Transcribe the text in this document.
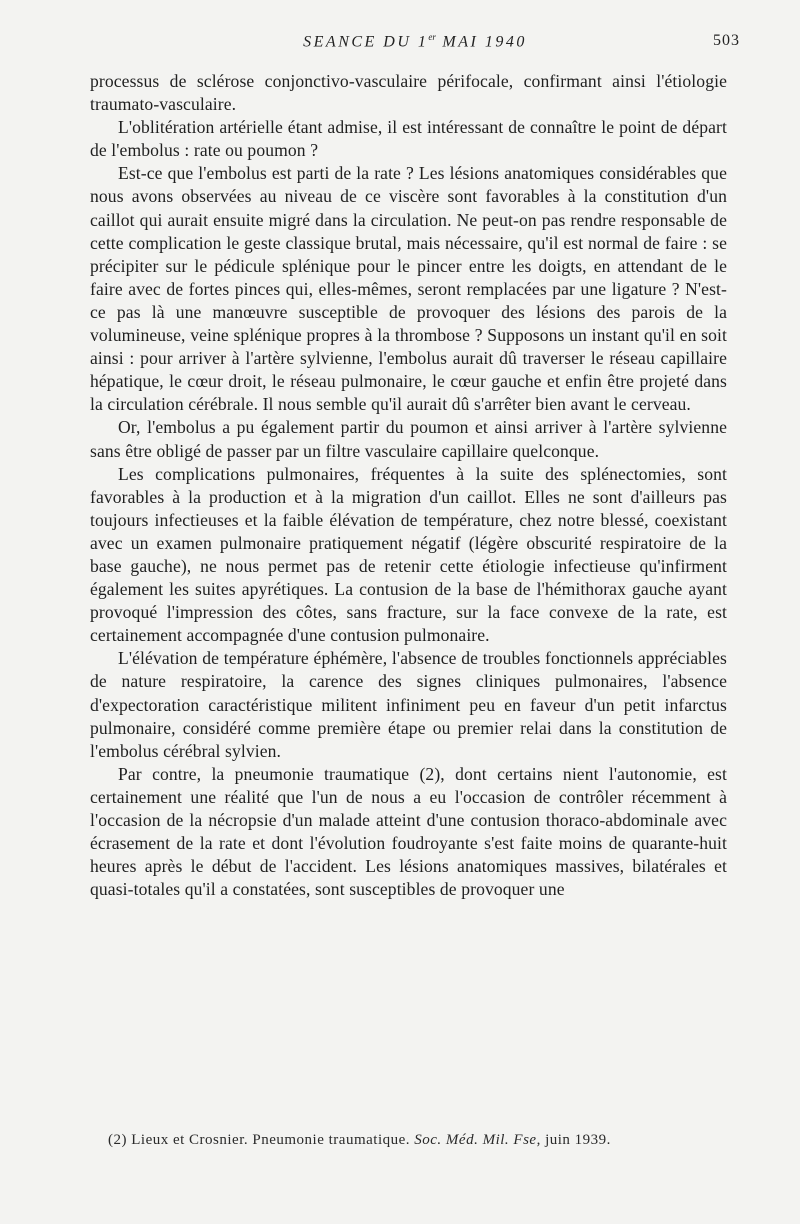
SEANCE DU 1er MAI 1940	503

processus de sclérose conjonctivo-vasculaire périfocale, confirmant ainsi l'étiologie traumato-vasculaire.

L'oblitération artérielle étant admise, il est intéressant de connaître le point de départ de l'embolus : rate ou poumon ?

Est-ce que l'embolus est parti de la rate ? Les lésions anatomiques considérables que nous avons observées au niveau de ce viscère sont favorables à la constitution d'un caillot qui aurait ensuite migré dans la circulation. Ne peut-on pas rendre responsable de cette complication le geste classique brutal, mais nécessaire, qu'il est normal de faire : se précipiter sur le pédicule splénique pour le pincer entre les doigts, en attendant de le faire avec de fortes pinces qui, elles-mêmes, seront remplacées par une ligature ? N'est-ce pas là une manœuvre susceptible de provoquer des lésions des parois de la volumineuse, veine splénique propres à la thrombose ? Supposons un instant qu'il en soit ainsi : pour arriver à l'artère sylvienne, l'embolus aurait dû traverser le réseau capillaire hépatique, le cœur droit, le réseau pulmonaire, le cœur gauche et enfin être projeté dans la circulation cérébrale. Il nous semble qu'il aurait dû s'arrêter bien avant le cerveau.

Or, l'embolus a pu également partir du poumon et ainsi arriver à l'artère sylvienne sans être obligé de passer par un filtre vasculaire capillaire quelconque.

Les complications pulmonaires, fréquentes à la suite des splénectomies, sont favorables à la production et à la migration d'un caillot. Elles ne sont d'ailleurs pas toujours infectieuses et la faible élévation de température, chez notre blessé, coexistant avec un examen pulmonaire pratiquement négatif (légère obscurité respiratoire de la base gauche), ne nous permet pas de retenir cette étiologie infectieuse qu'infirment également les suites apyrétiques. La contusion de la base de l'hémithorax gauche ayant provoqué l'impression des côtes, sans fracture, sur la face convexe de la rate, est certainement accompagnée d'une contusion pulmonaire.

L'élévation de température éphémère, l'absence de troubles fonctionnels appréciables de nature respiratoire, la carence des signes cliniques pulmonaires, l'absence d'expectoration caractéristique militent infiniment peu en faveur d'un petit infarctus pulmonaire, considéré comme première étape ou premier relai dans la constitution de l'embolus cérébral sylvien.

Par contre, la pneumonie traumatique (2), dont certains nient l'autonomie, est certainement une réalité que l'un de nous a eu l'occasion de contrôler récemment à l'occasion de la nécropsie d'un malade atteint d'une contusion thoraco-abdominale avec écrasement de la rate et dont l'évolution foudroyante s'est faite moins de quarante-huit heures après le début de l'accident. Les lésions anatomiques massives, bilatérales et quasi-totales qu'il a constatées, sont susceptibles de provoquer une

(2) Lieux et Crosnier. Pneumonie traumatique. Soc. Méd. Mil. Fse, juin 1939.
